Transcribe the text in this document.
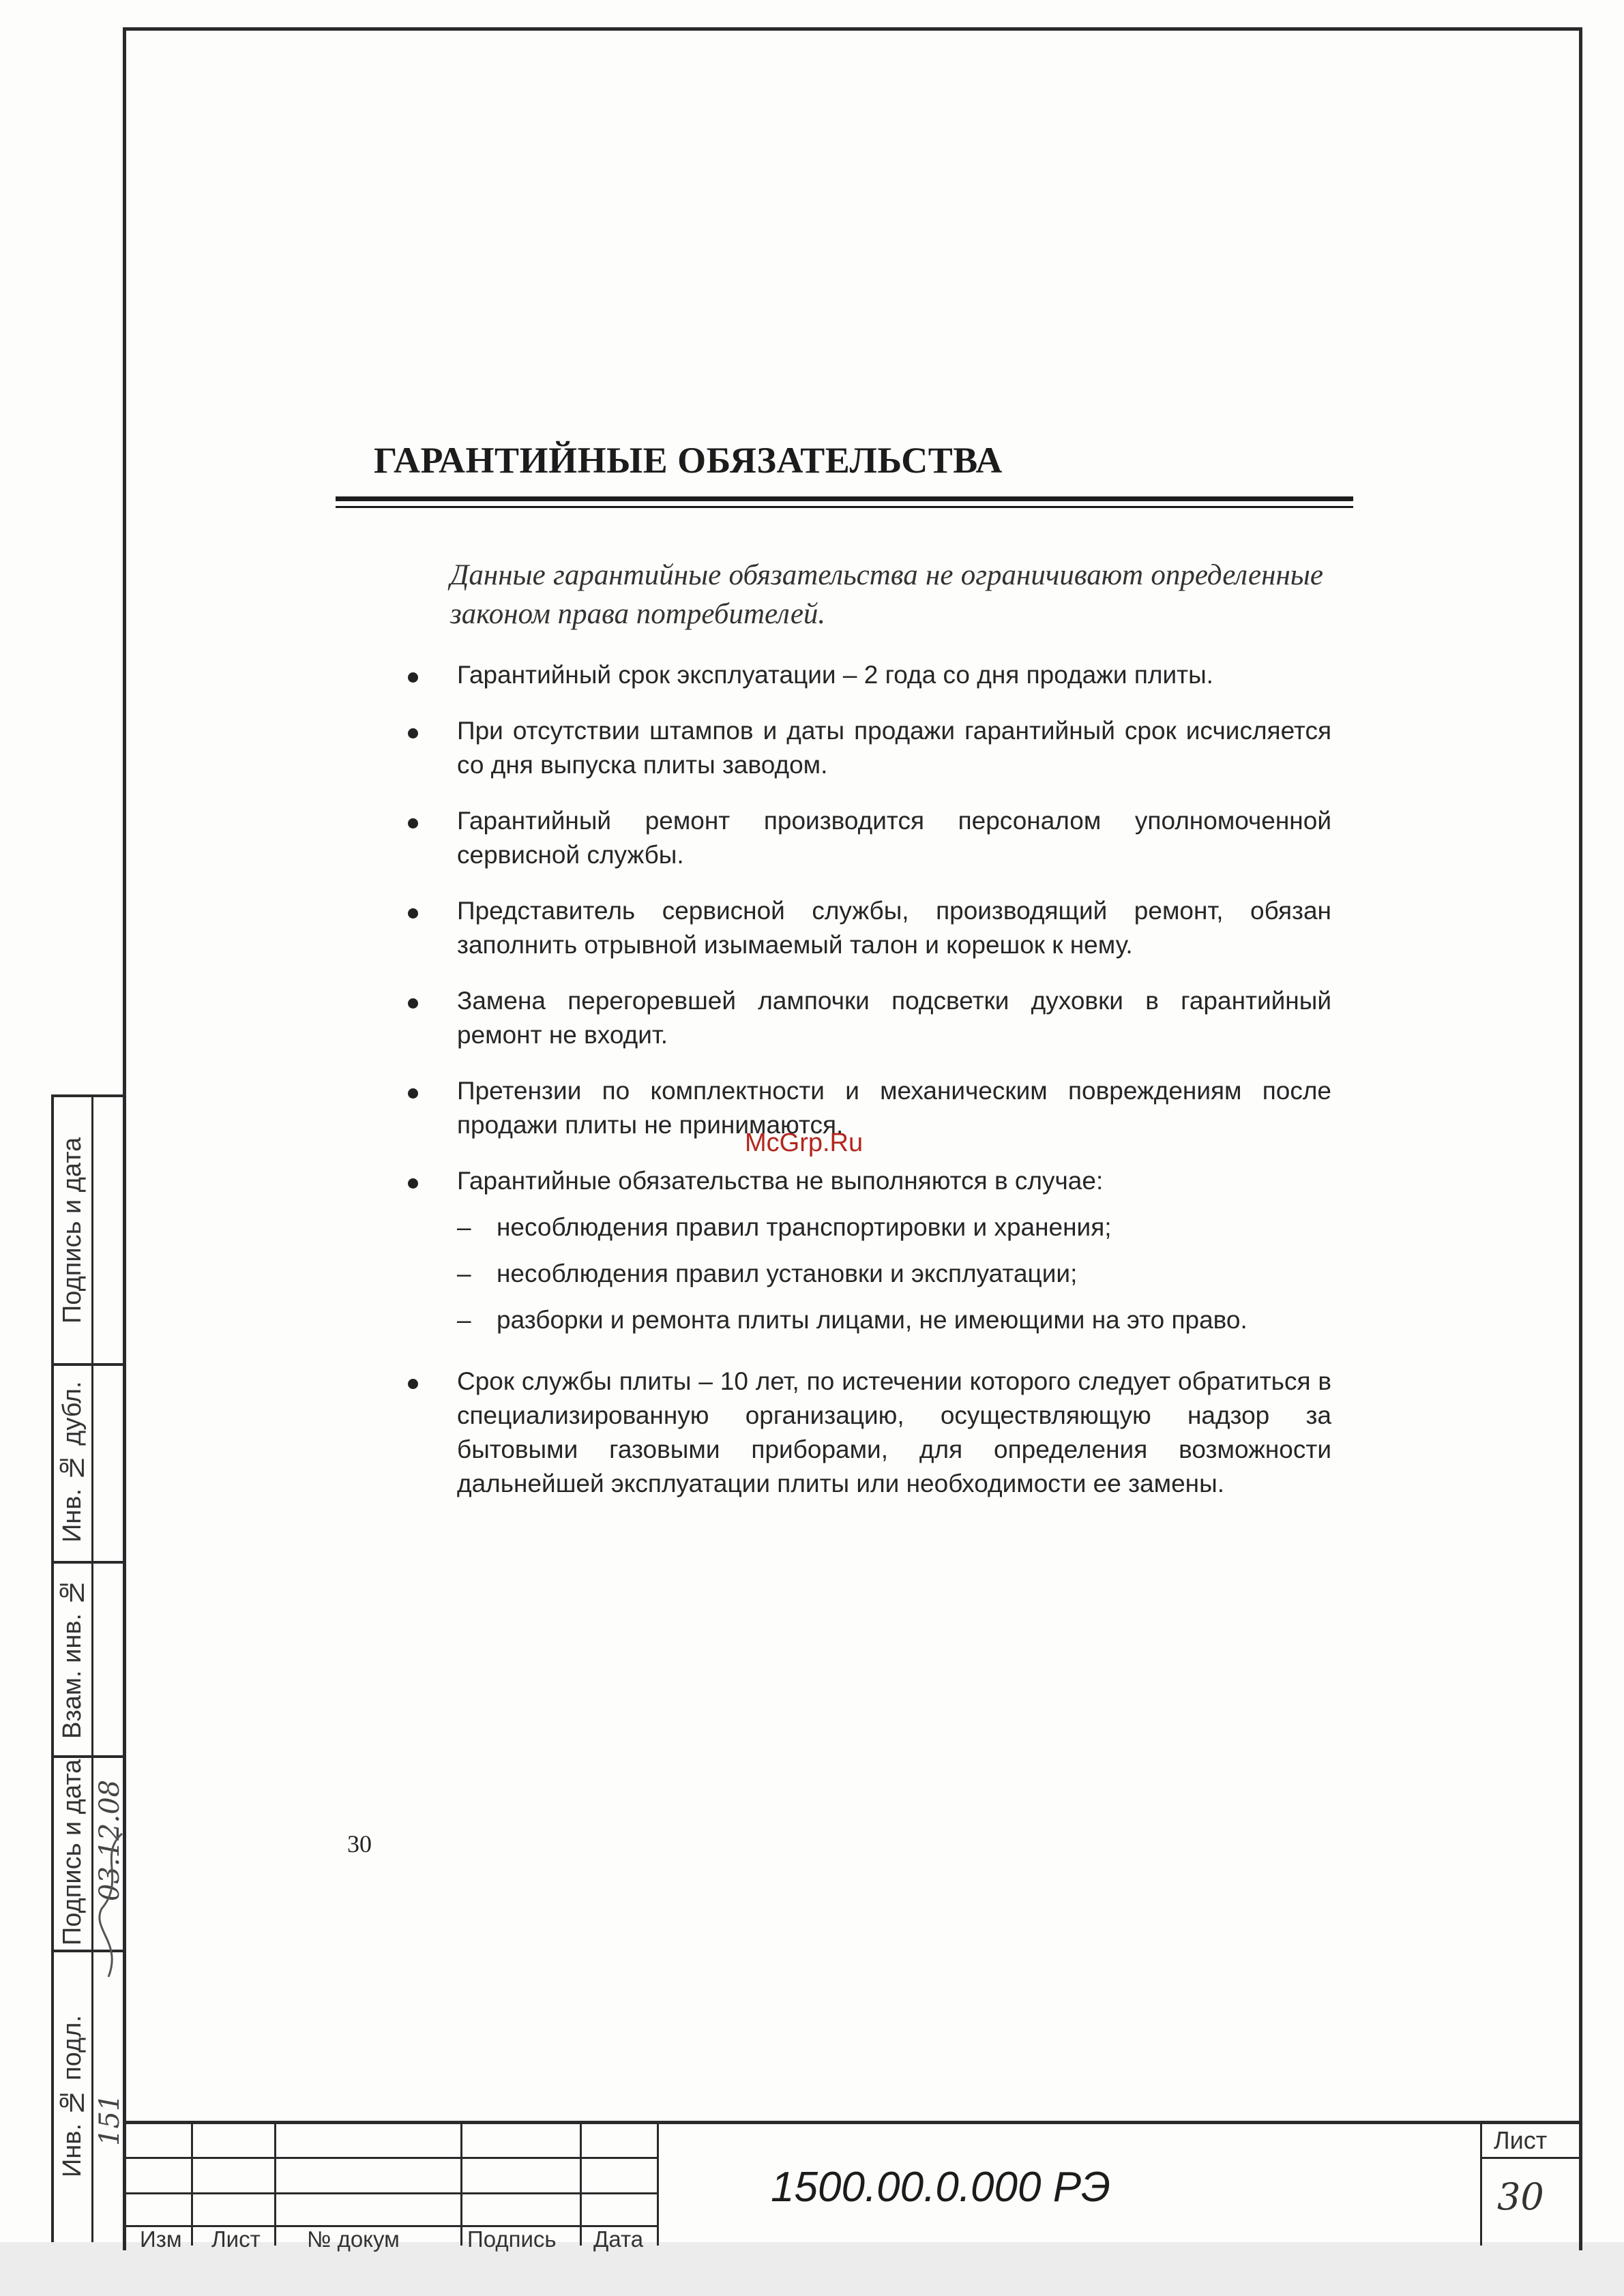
Подпись и дата
Инв. № дубл.
Взам. инв. №
Подпись и дата
Инв. № подл.
03.12.08
151
ГАРАНТИЙНЫЕ ОБЯЗАТЕЛЬСТВА
Данные гарантийные обязательства не ограничивают определенные законом права потребителей.
Гарантийный срок эксплуатации – 2 года со дня продажи плиты.
При отсутствии штампов и даты продажи гарантийный срок исчисляется со дня выпуска плиты заводом.
Гарантийный ремонт производится персоналом уполномоченной сервисной службы.
Представитель сервисной службы, производящий ремонт, обязан заполнить отрывной изымаемый талон и корешок к нему.
Замена перегоревшей лампочки подсветки духовки в гарантийный ремонт не входит.
Претензии по комплектности и механическим повреждениям после продажи плиты не принимаются.
Гарантийные обязательства не выполняются в случае:
– несоблюдения правил транспортировки и хранения;
– несоблюдения правил установки и эксплуатации;
– разборки и ремонта плиты лицами, не имеющими на это право.
Срок службы плиты – 10 лет, по истечении которого следует обратиться в специализированную организацию, осуществляющую надзор за бытовыми газовыми приборами, для определения возможности дальнейшей эксплуатации плиты или необходимости ее замены.
McGrp.Ru
30
Изм Лист № докум	Подпись Дата
1500.00.0.000 РЭ
Лист
30
